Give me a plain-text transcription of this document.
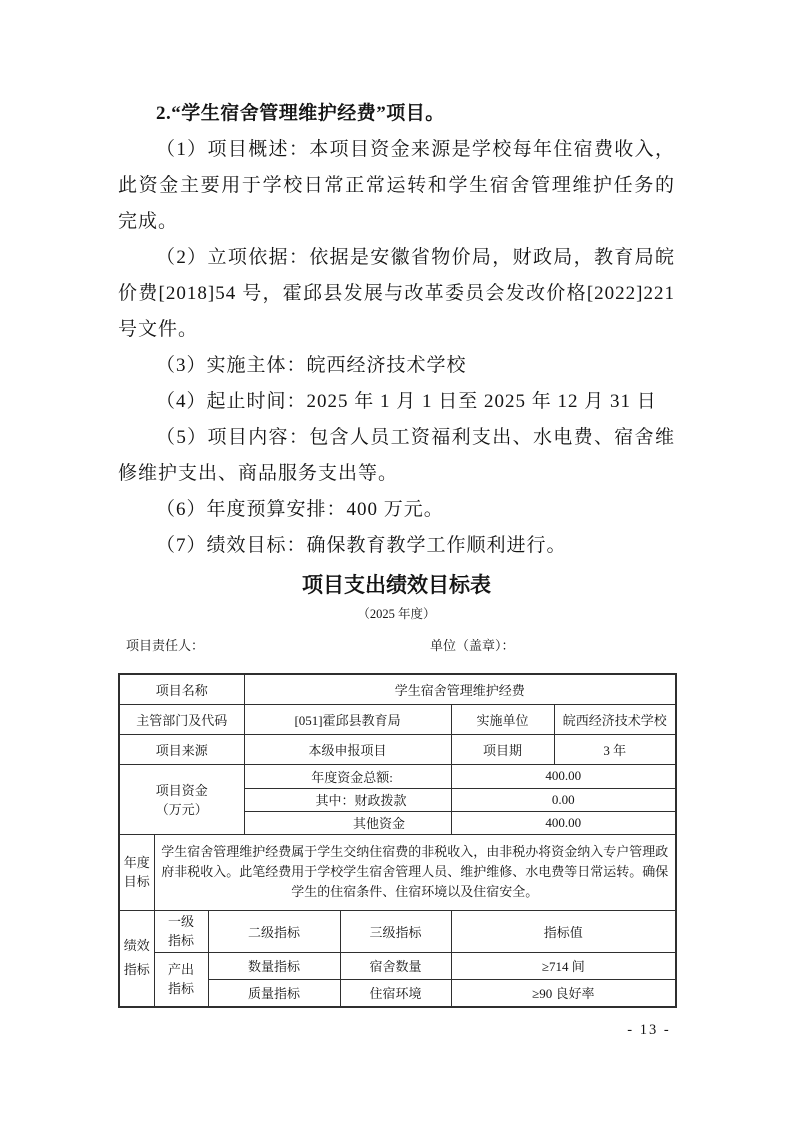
2.“学生宿舍管理维护经费”项目。

（1）项目概述：本项目资金来源是学校每年住宿费收入，此资金主要用于学校日常正常运转和学生宿舍管理维护任务的完成。

（2）立项依据：依据是安徽省物价局，财政局，教育局皖价费[2018]54 号，霍邱县发展与改革委员会发改价格[2022]221 号文件。

（3）实施主体：皖西经济技术学校

（4）起止时间：2025 年 1 月 1 日至 2025 年 12 月 31 日

（5）项目内容：包含人员工资福利支出、水电费、宿舍维修维护支出、商品服务支出等。

（6）年度预算安排：400 万元。

（7）绩效目标：确保教育教学工作顺利进行。

项目支出绩效目标表
（2025 年度）
项目责任人：	单位（盖章）：
项目名称			学生宿舍管理维护经费			
主管部门及代码			[051]霍邱县教育局		实施单位	皖西经济技术学校
项目来源			本级申报项目		项目期	3 年

项目资金
（万元）			年度资金总额:		400.00	
			其中：财政拨款		0.00	
			其他资金		400.00	
年度目标	学生宿舍管理维护经费属于学生交纳住宿费的非税收入，由非税办将资金纳入专户管理政府非税收入。此笔经费用于学校学生宿舍管理人员、维护维修、水电费等日常运转。确保学生的住宿条件、住宿环境以及住宿安全。					
绩效指标	一级指标	二级指标		三级指标	指标值	
	产出指标	数量指标		宿舍数量	≥714 间	
		质量指标		住宿环境	≥90 良好率	
- 13 -
